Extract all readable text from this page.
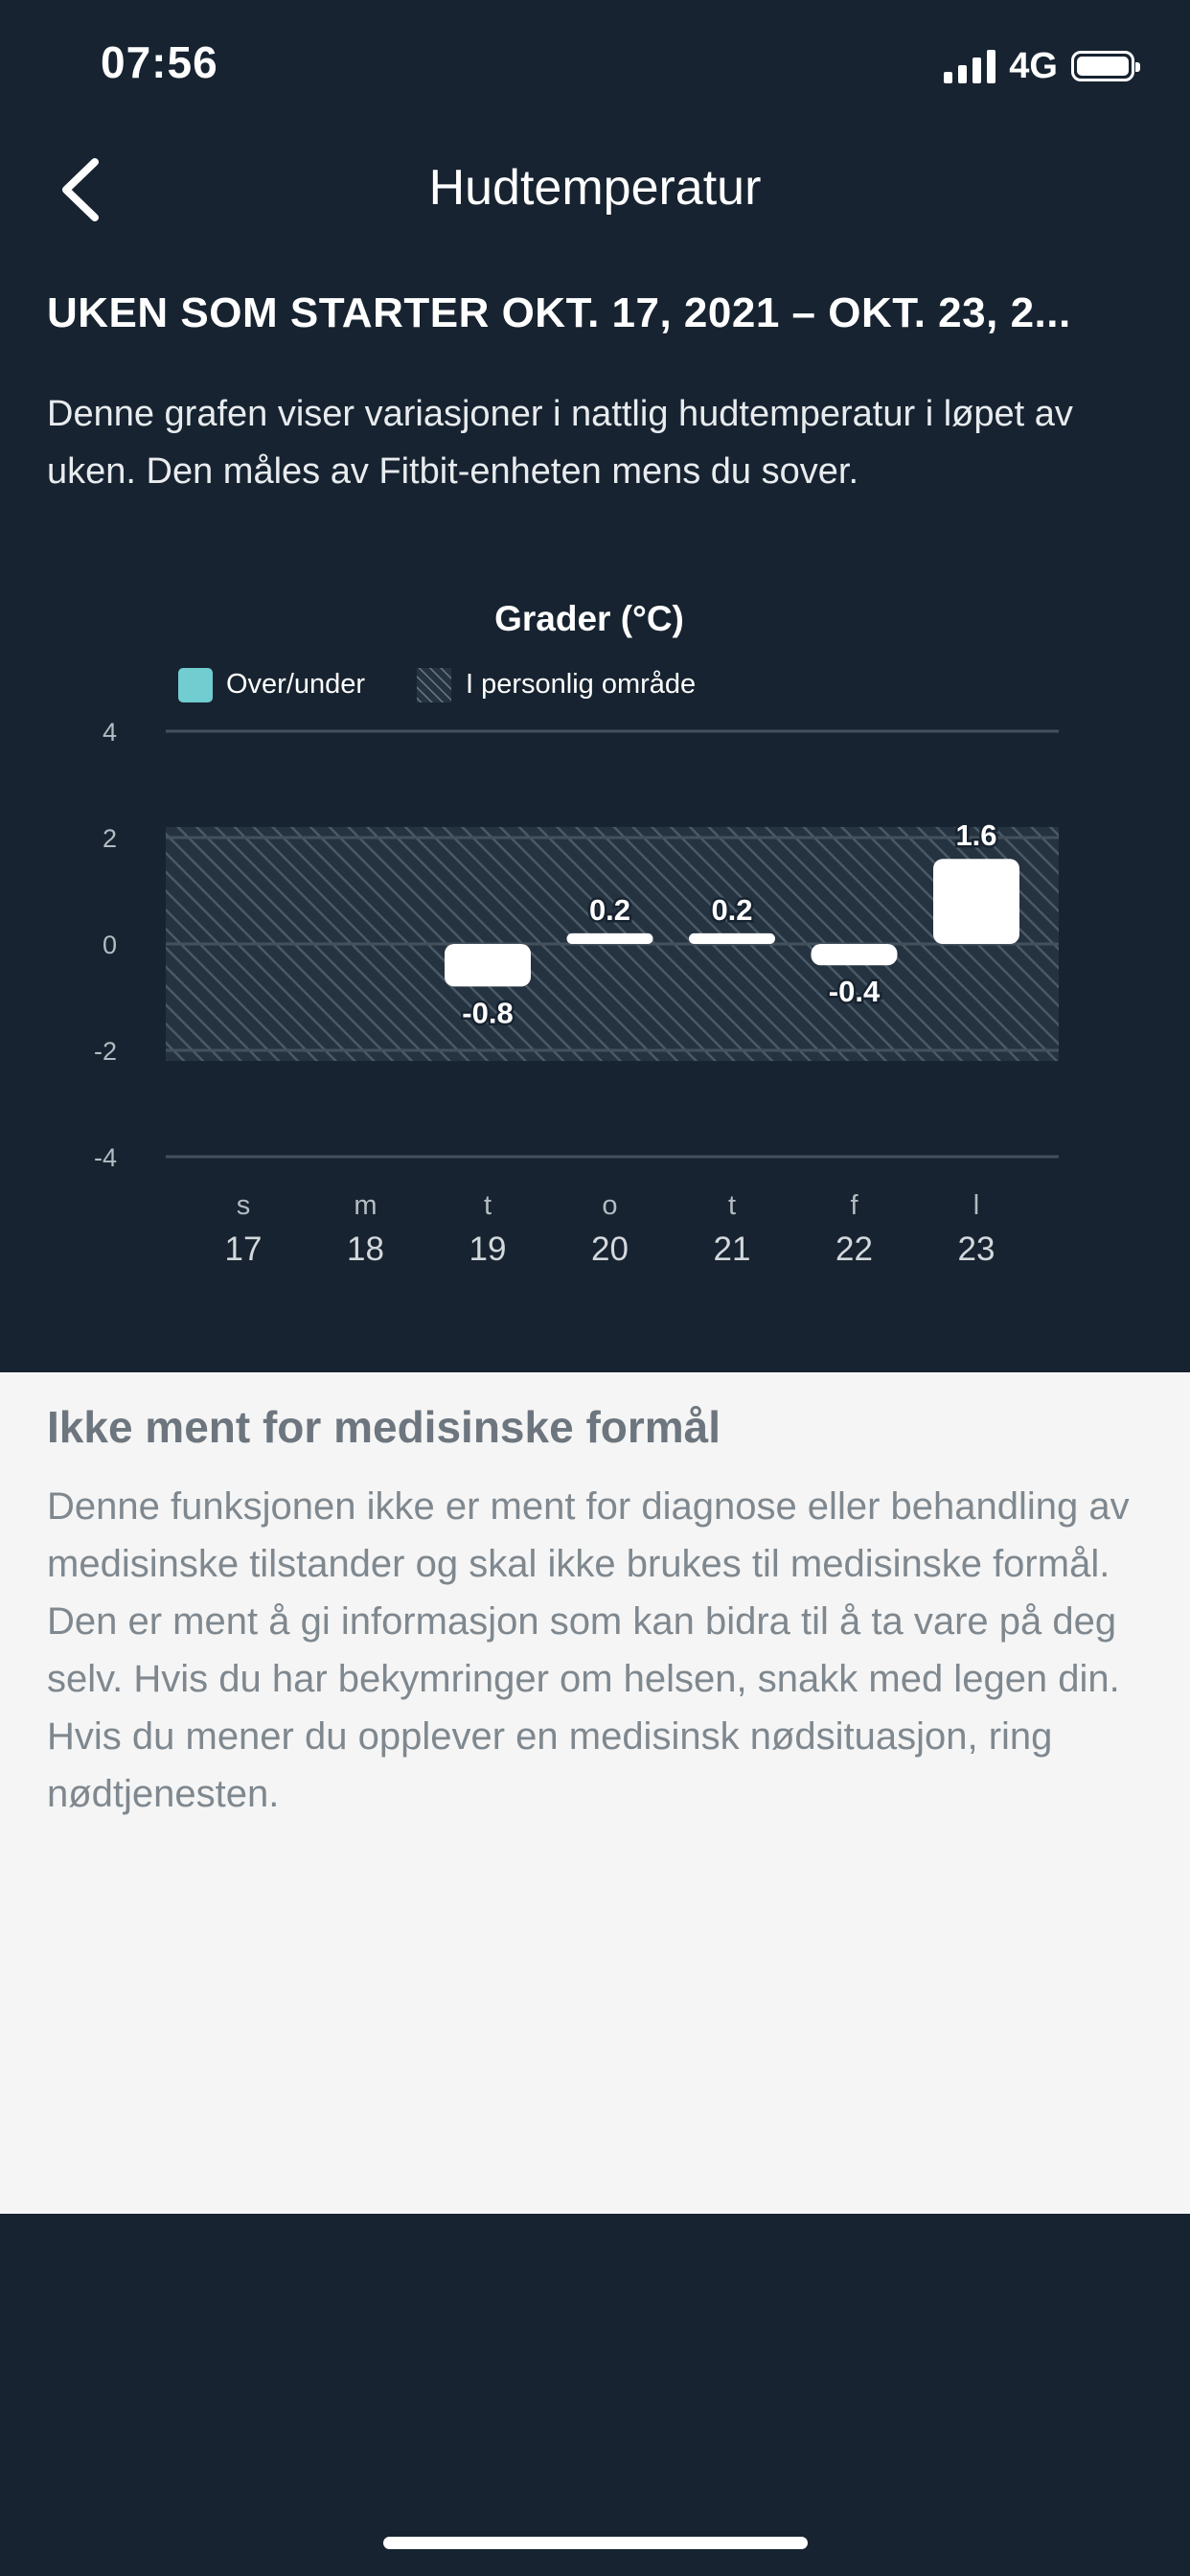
07:56	4G
Hudtemperatur
UKEN SOM STARTER OKT. 17, 2021 – OKT. 23, 2...
Denne grafen viser variasjoner i nattlig hudtemperatur i løpet av uken. Den måles av Fitbit-enheten mens du sover.
Grader (°C)
Over/under	I personlig område
4
2
0
-2
-4
-0.8
0.2	0.2
-0.4
1.6
s
17
m
18
t
19
o
20
t
21
f
22
l
23
Ikke ment for medisinske formål
Denne funksjonen ikke er ment for diagnose eller behandling av medisinske tilstander og skal ikke brukes til medisinske formål. Den er ment å gi informasjon som kan bidra til å ta vare på deg selv. Hvis du har bekymringer om helsen, snakk med legen din. Hvis du mener du opplever en medisinsk nødsituasjon, ring nødtjenesten.
